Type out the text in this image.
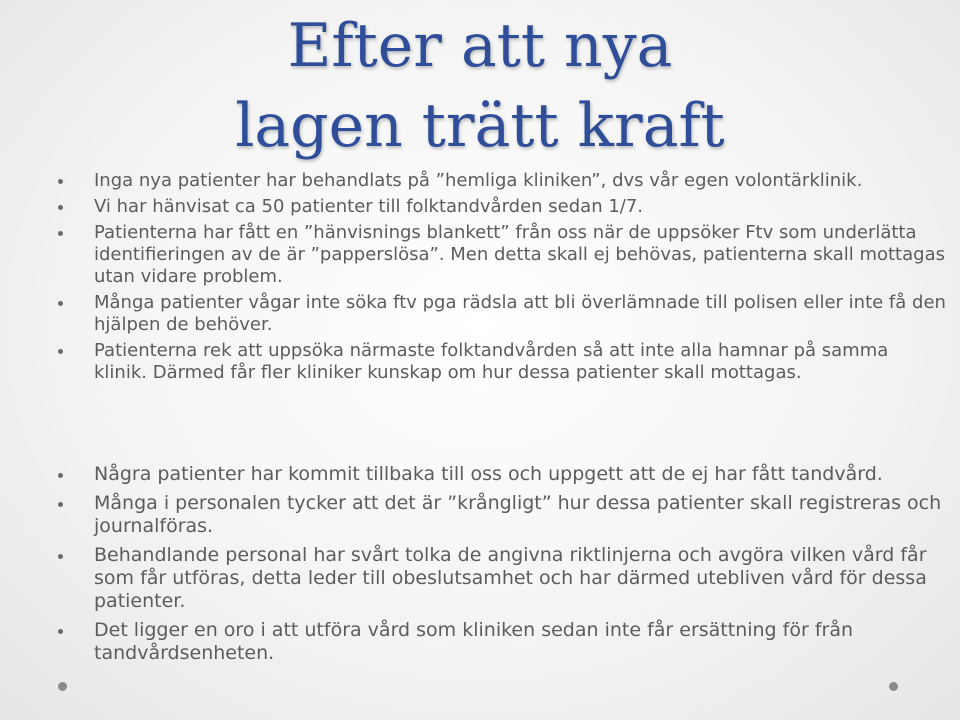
Efter att nya
lagen trätt kraft
Inga nya patienter har behandlats på ”hemliga kliniken”, dvs vår egen volontärklinik.
Vi har hänvisat ca 50 patienter till folktandvården sedan 1/7.
Patienterna har fått en ”hänvisnings blankett” från oss när de uppsöker Ftv som underlätta identifieringen av de är ”papperslösa”. Men detta skall ej behövas, patienterna skall mottagas utan vidare problem.
Många patienter vågar inte söka ftv pga rädsla att bli överlämnade till polisen eller inte få den hjälpen de behöver.
Patienterna rek att uppsöka närmaste folktandvården så att inte alla hamnar på samma klinik. Därmed får fler kliniker kunskap om hur dessa patienter skall mottagas.
Några patienter har kommit tillbaka till oss och uppgett att de ej har fått tandvård.
Många i personalen tycker att det är ”krångligt” hur dessa patienter skall registreras och journalföras.
Behandlande personal har svårt tolka de angivna riktlinjerna och avgöra vilken vård får som får utföras, detta leder till obeslutsamhet och har därmed utebliven vård för dessa patienter.
Det ligger en oro i att utföra vård som kliniken sedan inte får ersättning för från tandvårdsenheten.
